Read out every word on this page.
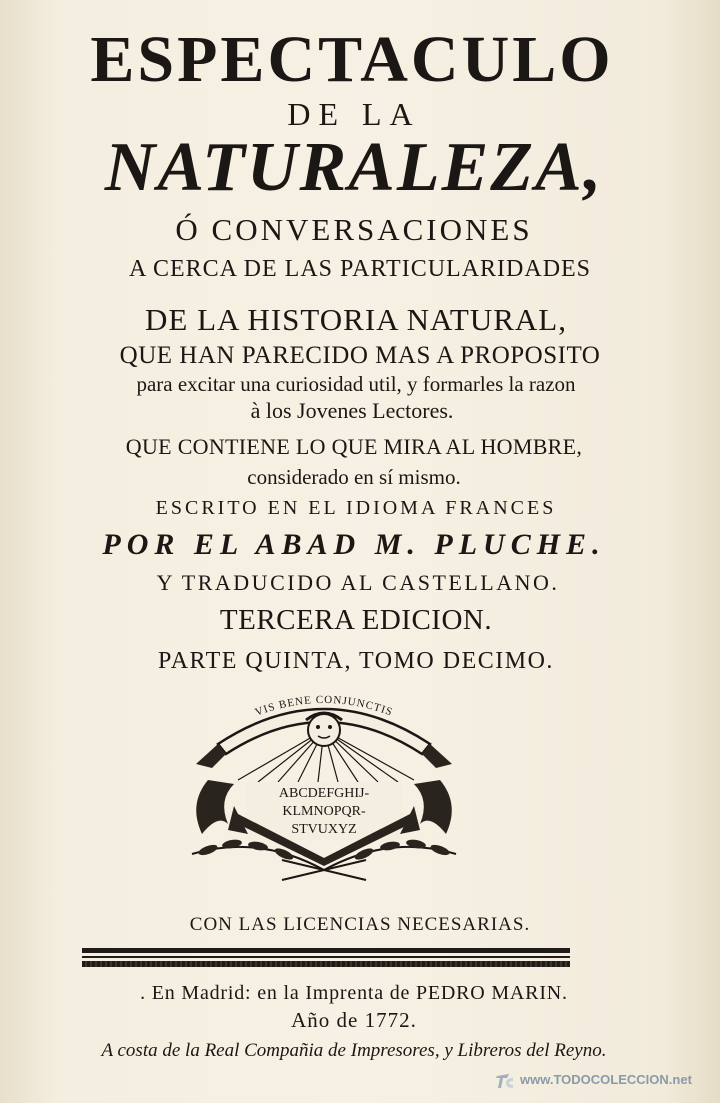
ESPECTACULO
DE LA
NATURALEZA,
Ó CONVERSACIONES
A CERCA DE LAS PARTICULARIDADES
DE LA HISTORIA NATURAL,
QUE HAN PARECIDO MAS A PROPOSITO
para excitar una curiosidad util, y formarles la razon
à los Jovenes Lectores.
QUE CONTIENE LO QUE MIRA AL HOMBRE,
considerado en sí mismo.
ESCRITO EN EL IDIOMA FRANCES
POR EL ABAD M. PLUCHE.
Y TRADUCIDO AL CASTELLANO.
TERCERA EDICION.
PARTE QUINTA, TOMO DECIMO.
VIS BENE CONJUNCTIS
ABCDEFGHIJ-
KLMNOPQR-
STVUXYZ
CON LAS LICENCIAS NECESARIAS.
. En Madrid: en la Imprenta de PEDRO MARIN.
Año de 1772.
A costa de la Real Compañia de Impresores, y Libreros del Reyno.
www.TODOCOLECCION.net
